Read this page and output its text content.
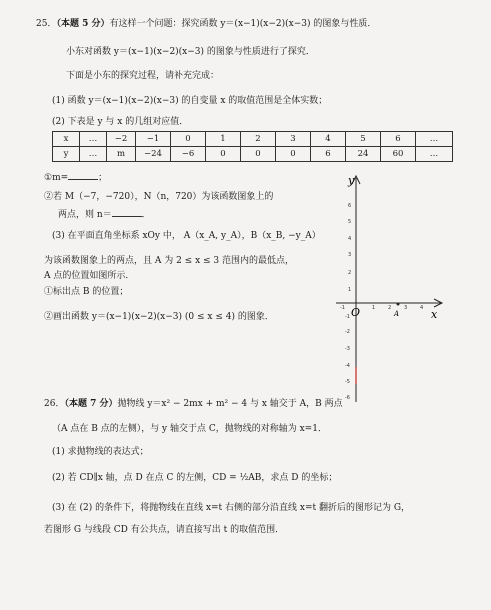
25．（本题 5 分）有这样一个问题：探究函数 y＝(x−1)(x−2)(x−3) 的图象与性质．
小东对函数 y＝(x−1)(x−2)(x−3) 的图象与性质进行了探究．
下面是小东的探究过程，请补充完成：
(1) 函数 y＝(x−1)(x−2)(x−3) 的自变量 x 的取值范围是全体实数；
(2) 下表是 y 与 x 的几组对应值．
x	…	−2	−1	0	1	2	3	4	5	6	…
y	…	m	−24	−6	0	0	0	6	24	60	…
①m=	；
②若 M（−7，−720），N（n，720）为该函数图象上的
两点，则 n＝	．
(3) 在平面直角坐标系 xOy 中， A（x_A, y_A），B（x_B, −y_A）
为该函数图象上的两点，且 A 为 2 ≤ x ≤ 3 范围内的最低点，
A 点的位置如图所示．
①标出点 B 的位置；
②画出函数 y＝(x−1)(x−2)(x−3) (0 ≤ x ≤ 4) 的图象．
y
x
O
6
5
4
3
2
1
-1
-2
-3
-4
-5
-6
-1	1	2	3	4
A
26．（本题 7 分）抛物线 y＝x² − 2mx + m² − 4 与 x 轴交于 A，B 两点
（A 点在 B 点的左侧），与 y 轴交于点 C，抛物线的对称轴为 x=1．
(1) 求抛物线的表达式；
(2) 若 CD∥x 轴，点 D 在点 C 的左侧，CD = ½AB，求点 D 的坐标；
(3) 在 (2) 的条件下，将抛物线在直线 x=t 右侧的部分沿直线 x=t 翻折后的图形记为 G，
若图形 G 与线段 CD 有公共点，请直接写出 t 的取值范围．
